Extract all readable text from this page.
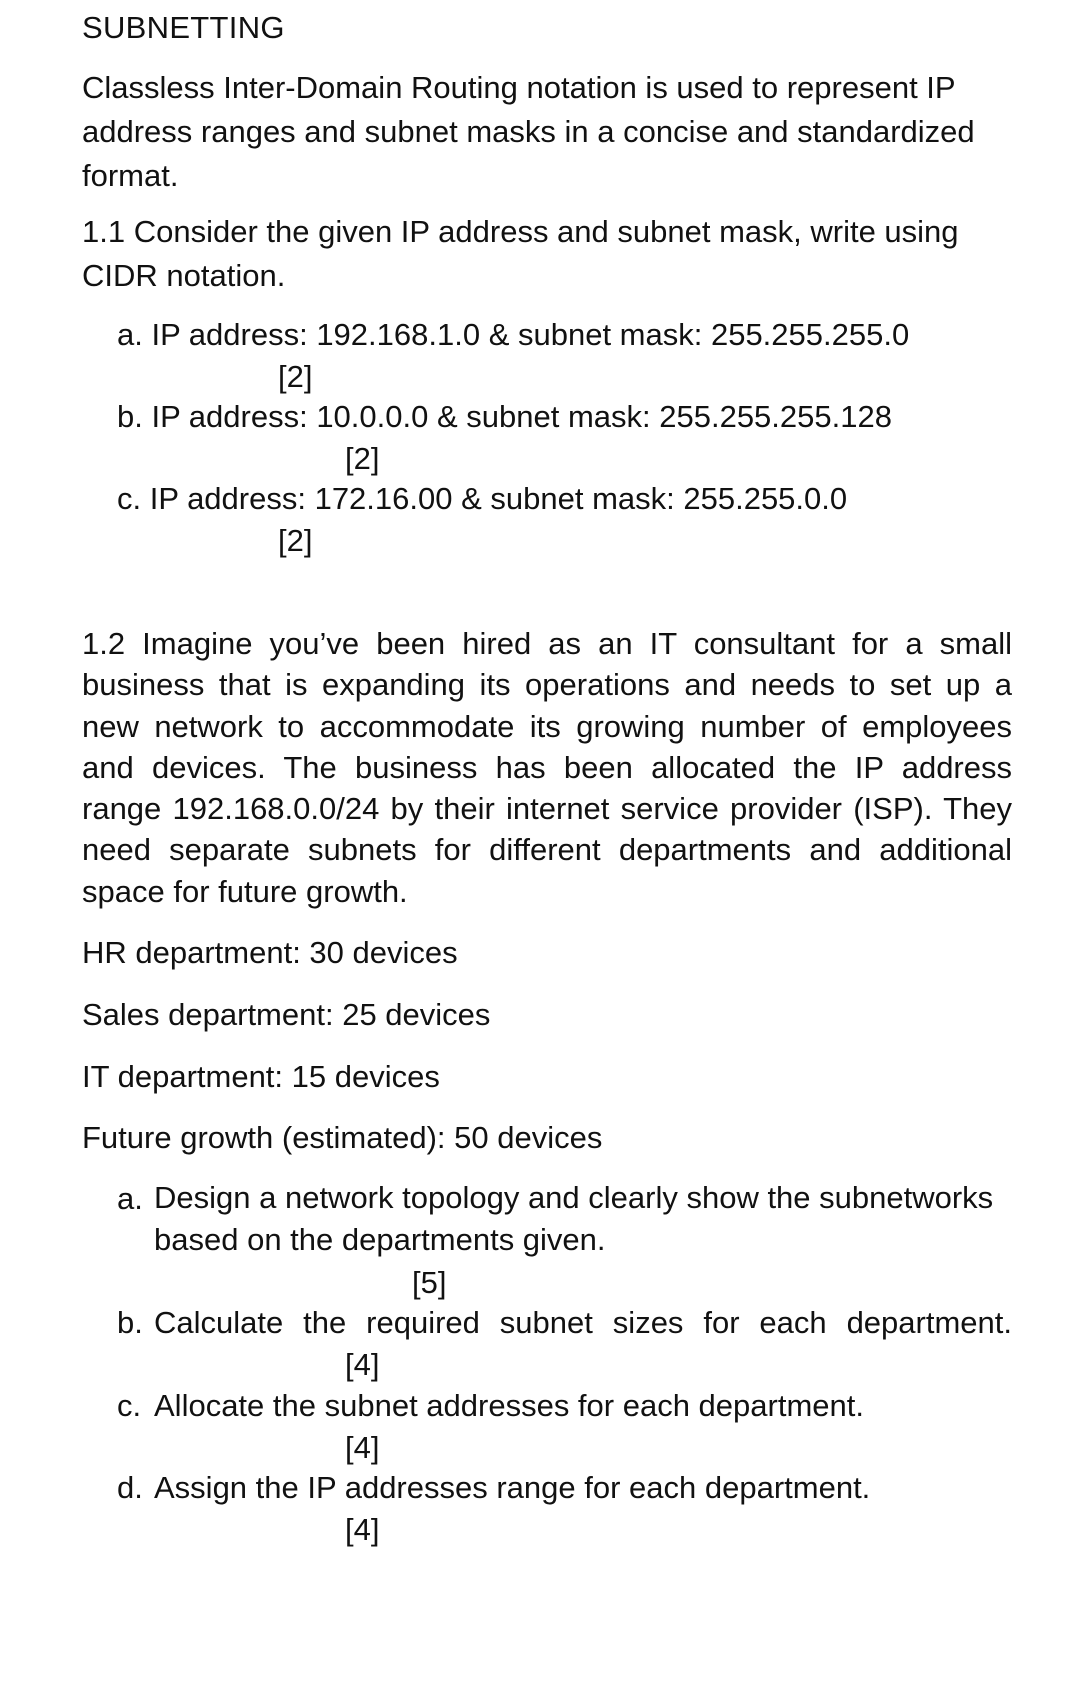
SUBNETTING
Classless Inter-Domain Routing notation is used to represent IP address ranges and subnet masks in a concise and standardized format.
1.1 Consider the given IP address and subnet mask, write using CIDR notation.
a. IP address: 192.168.1.0 & subnet mask: 255.255.255.0
[2]
b. IP address: 10.0.0.0 & subnet mask: 255.255.255.128
[2]
c. IP address: 172.16.00 & subnet mask: 255.255.0.0
[2]
1.2 Imagine you’ve been hired as an IT consultant for a small business that is expanding its operations and needs to set up a new network to accommodate its growing number of employees and devices. The business has been allocated the IP address range 192.168.0.0/24 by their internet service provider (ISP). They need separate subnets for different departments and additional space for future growth.
HR department: 30 devices
Sales department: 25 devices
IT department: 15 devices
Future growth (estimated): 50 devices
a. Design a network topology and clearly show the subnetworks based on the departments given.
[5]
b. Calculate the required subnet sizes for each department.
[4]
c. Allocate the subnet addresses for each department.
[4]
d. Assign the IP addresses range for each department.
[4]
